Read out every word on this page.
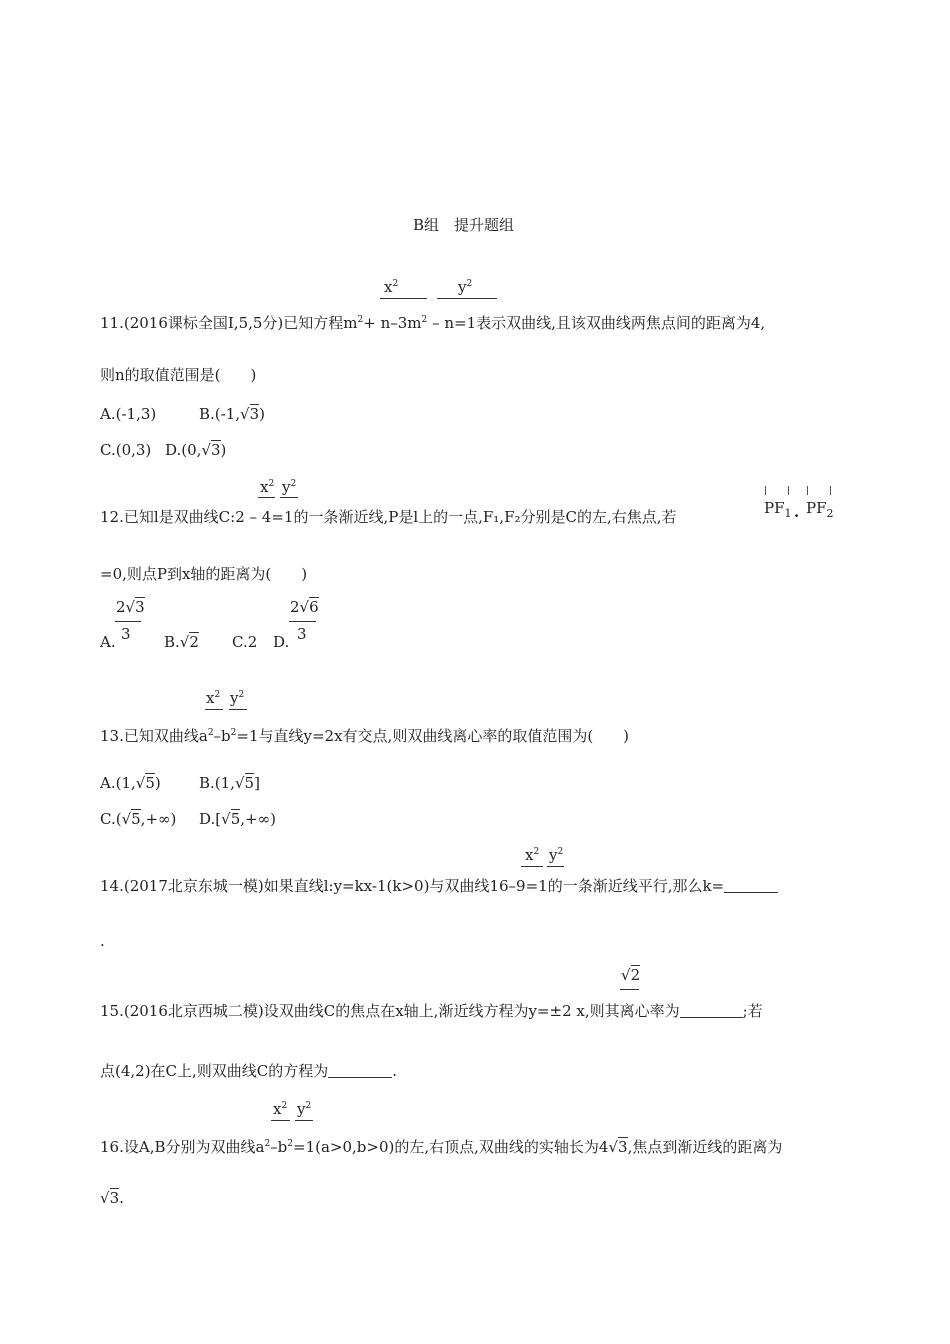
B组　提升题组
$x^2$	$y^2$
11.(2016课标全国Ⅰ,5,5分)已知方程$m^2+ n-3m^2 - n=1$表示双曲线,且该双曲线两焦点间的距离为4,
则n的取值范围是(　　)
A.(-1,3)	B.(-1,√3)
C.(0,3) D.(0,√3)
$x^2$ $y^2$
12.已知l是双曲线C:2 – 4=1的一条渐近线,P是l上的一点,F₁,F₂分别是C的左,右焦点,若	$PF_1 \cdot PF_2$
=0,则点P到x轴的距离为(　　)
A.
2√3
3 B.√2 C.2 D.
2√6
3
$x^2$ $y^2$
13.已知双曲线$a^2-b^2=1$与直线y=2x有交点,则双曲线离心率的取值范围为(　　)
A.(1,√5)	B.(1,√5]
C.(√5,+∞) D.[√5,+∞)
$x^2$ $y^2$
14.(2017北京东城一模)如果直线l:y=kx-1(k>0)与双曲线16–9=1的一条渐近线平行,那么k=
.
√2
15.(2016北京西城二模)设双曲线C的焦点在x轴上,渐近线方程为y=±2 x,则其离心率为	;若
点(4,2)在C上,则双曲线C的方程为	.
$x^2$ $y^2$
16.设A,B分别为双曲线$a^2-b^2=1(a>0,b>0)$的左,右顶点,双曲线的实轴长为4√3,焦点到渐近线的距离为
√3.
